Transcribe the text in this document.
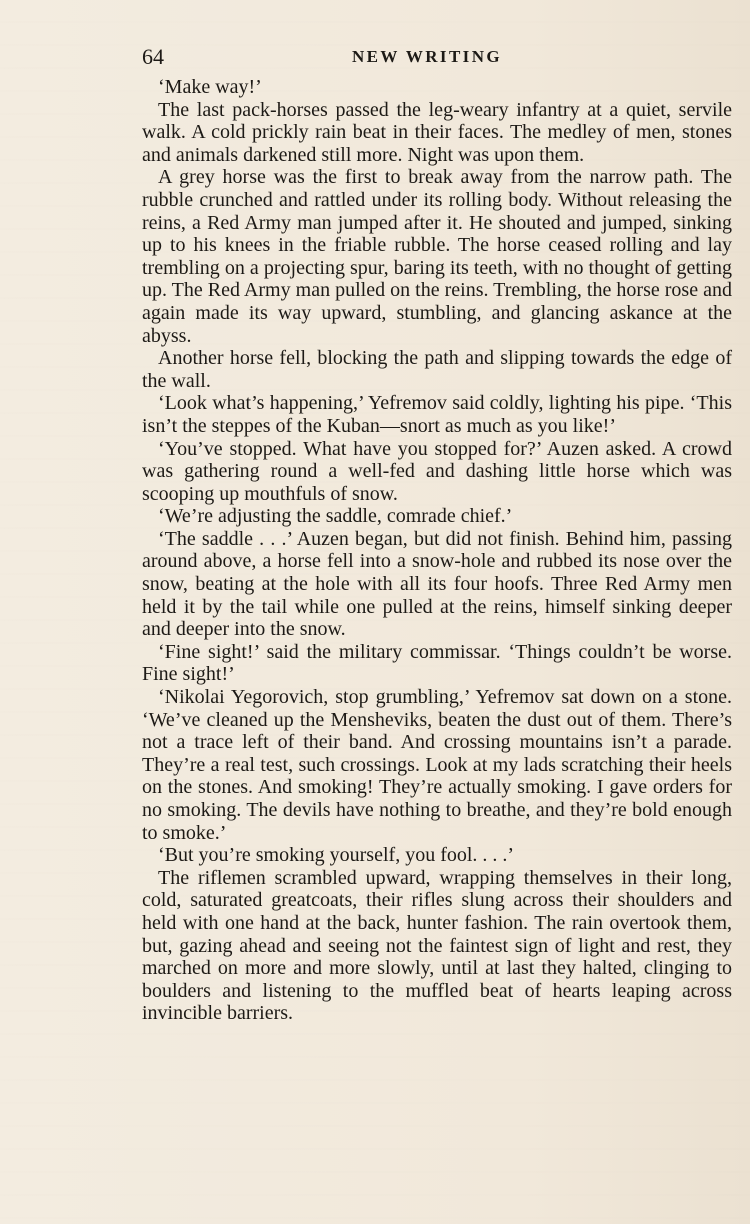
64	NEW WRITING

‘Make way!’

The last pack-horses passed the leg-weary infantry at a quiet, servile walk. A cold prickly rain beat in their faces. The medley of men, stones and animals darkened still more. Night was upon them.

A grey horse was the first to break away from the narrow path. The rubble crunched and rattled under its rolling body. Without releasing the reins, a Red Army man jumped after it. He shouted and jumped, sinking up to his knees in the friable rubble. The horse ceased rolling and lay trembling on a projecting spur, baring its teeth, with no thought of getting up. The Red Army man pulled on the reins. Trembling, the horse rose and again made its way upward, stumbling, and glancing askance at the abyss.

Another horse fell, blocking the path and slipping towards the edge of the wall.

‘Look what’s happening,’ Yefremov said coldly, lighting his pipe. ‘This isn’t the steppes of the Kuban—snort as much as you like!’

‘You’ve stopped. What have you stopped for?’ Auzen asked. A crowd was gathering round a well-fed and dashing little horse which was scooping up mouthfuls of snow.

‘We’re adjusting the saddle, comrade chief.’

‘The saddle . . .’ Auzen began, but did not finish. Behind him, passing around above, a horse fell into a snow-hole and rubbed its nose over the snow, beating at the hole with all its four hoofs. Three Red Army men held it by the tail while one pulled at the reins, himself sinking deeper and deeper into the snow.

‘Fine sight!’ said the military commissar. ‘Things couldn’t be worse. Fine sight!’

‘Nikolai Yegorovich, stop grumbling,’ Yefremov sat down on a stone. ‘We’ve cleaned up the Mensheviks, beaten the dust out of them. There’s not a trace left of their band. And crossing mountains isn’t a parade. They’re a real test, such crossings. Look at my lads scratching their heels on the stones. And smoking! They’re actually smoking. I gave orders for no smoking. The devils have nothing to breathe, and they’re bold enough to smoke.’

‘But you’re smoking yourself, you fool. . . .’

The riflemen scrambled upward, wrapping themselves in their long, cold, saturated greatcoats, their rifles slung across their shoulders and held with one hand at the back, hunter fashion. The rain overtook them, but, gazing ahead and seeing not the faintest sign of light and rest, they marched on more and more slowly, until at last they halted, clinging to boulders and listening to the muffled beat of hearts leaping across invincible barriers.
